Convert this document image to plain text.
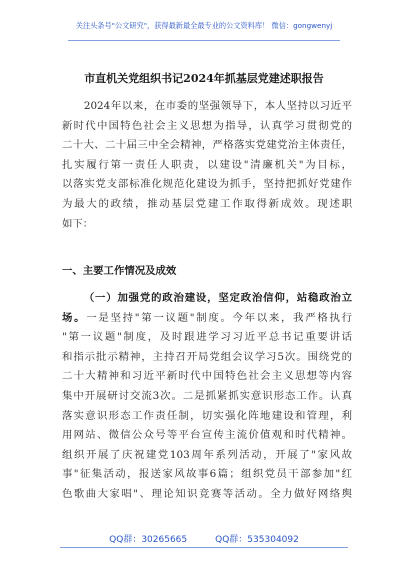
关注头条号"公文研究"，获得最新最全最专业的公文资料库！ 微信：gongwenyj
市直机关党组织书记2024年抓基层党建述职报告
2024年以来，在市委的坚强领导下，本人坚持以习近平
新时代中国特色社会主义思想为指导，认真学习贯彻党的
二十大、二十届三中全会精神，严格落实党建党治主体责任，
扎实履行第一责任人职责，以建设"清廉机关"为目标，
以落实党支部标准化规范化建设为抓手，坚持把抓好党建作
为最大的政绩，推动基层党建工作取得新成效。现述职
如下：
一、主要工作情况及成效
（一）加强党的政治建设，坚定政治信仰，站稳政治立
场。一是坚持"第一议题"制度。今年以来，我严格执行
"第一议题"制度，及时跟进学习习近平总书记重要讲话
和指示批示精神，主持召开局党组会议学习5次。围绕党的
二十大精神和习近平新时代中国特色社会主义思想等内容
集中开展研讨交流3次。二是抓紧抓实意识形态工作。认真
落实意识形态工作责任制，切实强化阵地建设和管理，利
用网站、微信公众号等平台宣传主流价值观和时代精神。
组织开展了庆祝建党103周年系列活动，开展了"家风故
事"征集活动，报送家风故事6篇；组织党员干部参加"红
色歌曲大家唱"、理论知识竞赛等活动。全力做好网络舆
QQ群：30265665	QQ群：535304092
